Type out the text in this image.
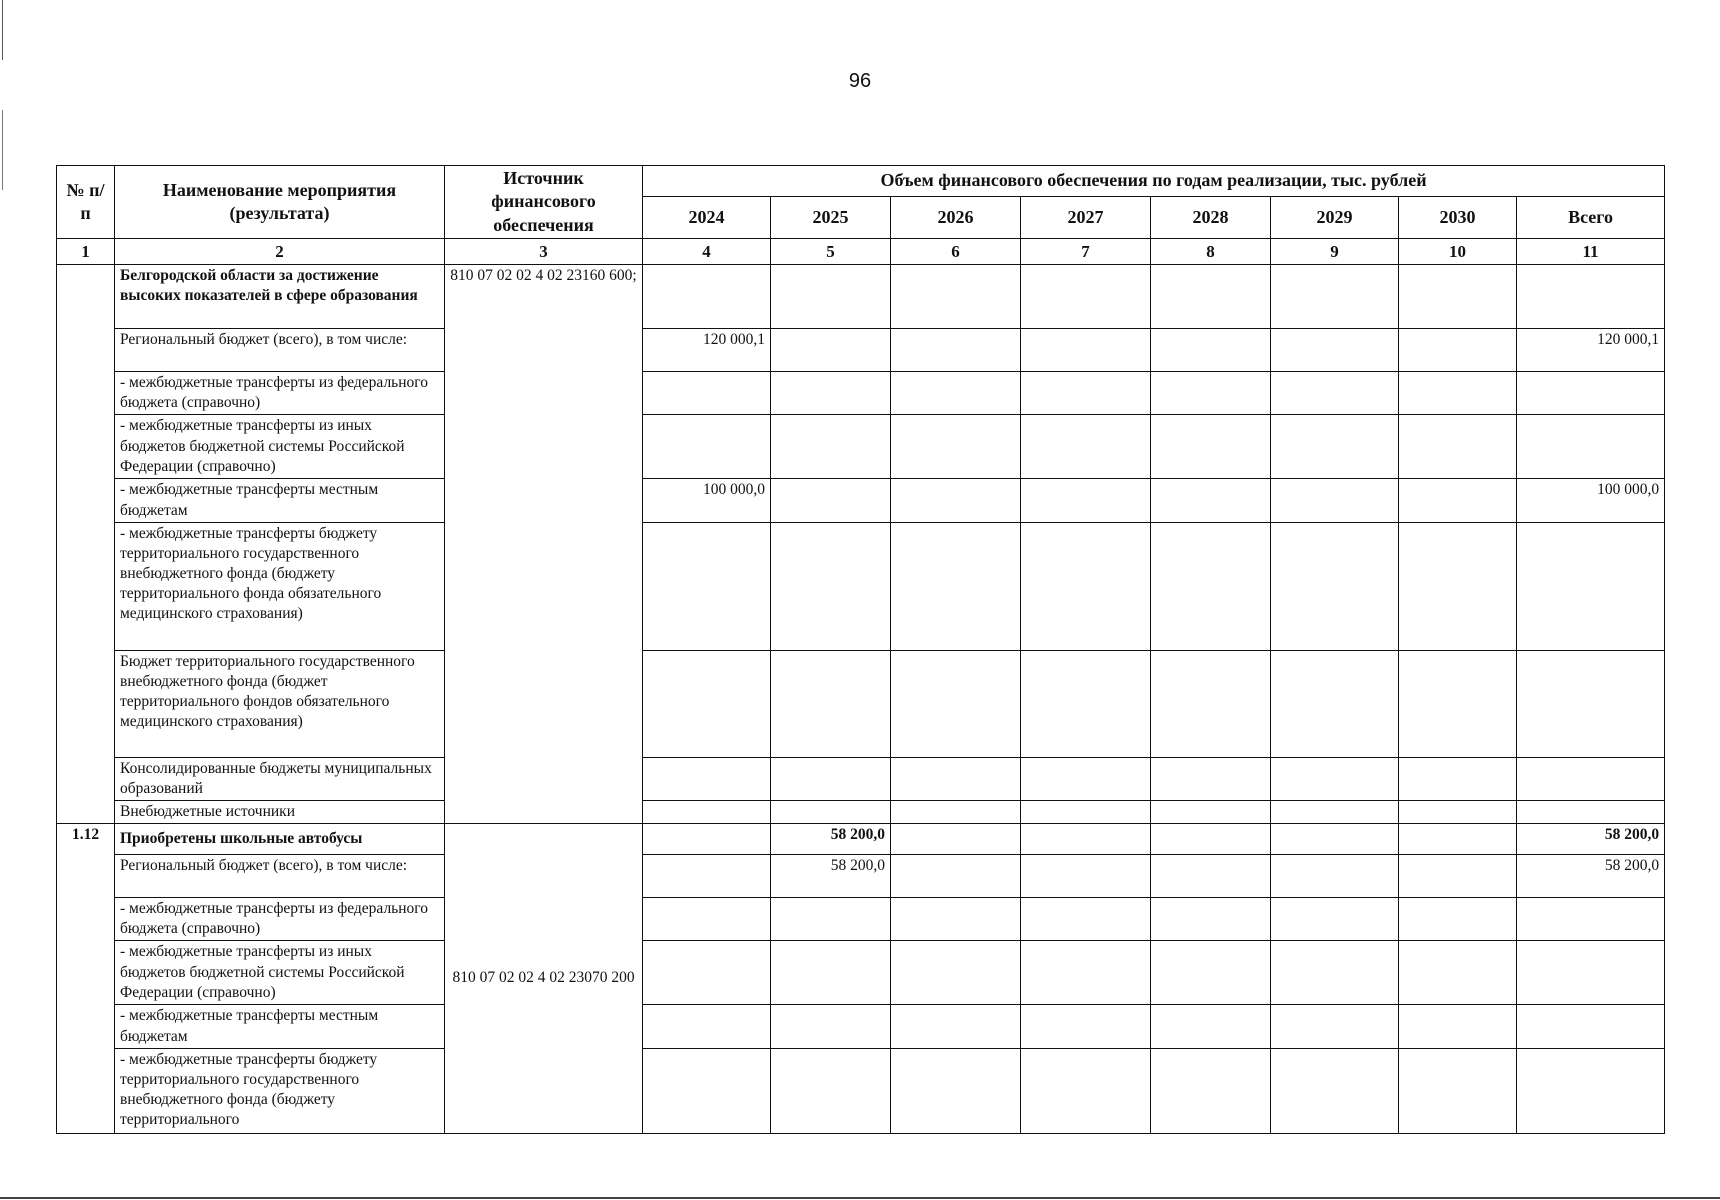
96
№ п/п	Наименование мероприятия (результата)	Источник финансового обеспечения	Объем финансового обеспечения по годам реализации, тыс. рублей							
			2024	2025	2026	2027	2028	2029	2030	Всего
1	2	3	4	5	6	7	8	9	10	11
	Белгородской области за достижение высоких показателей в сфере образования	810 07 02 02 4 02 23160 600;								
	Региональный бюджет (всего), в том числе:		120 000,1							120 000,1
	- межбюджетные трансферты из федерального бюджета (справочно)									
	- межбюджетные трансферты из иных бюджетов бюджетной системы Российской Федерации (справочно)									
	- межбюджетные трансферты местным бюджетам		100 000,0							100 000,0
	- межбюджетные трансферты бюджету территориального государственного внебюджетного фонда (бюджету территориального фонда обязательного медицинского страхования)									
	Бюджет территориального государственного внебюджетного фонда (бюджет территориального фондов обязательного медицинского страхования)									
	Консолидированные бюджеты муниципальных образований									
	Внебюджетные источники									
1.12	Приобретены школьные автобусы	810 07 02 02 4 02 23070 200		58 200,0						58 200,0
	Региональный бюджет (всего), в том числе:			58 200,0						58 200,0
	- межбюджетные трансферты из федерального бюджета (справочно)									
	- межбюджетные трансферты из иных бюджетов бюджетной системы Российской Федерации (справочно)									
	- межбюджетные трансферты местным бюджетам									
	- межбюджетные трансферты бюджету территориального государственного внебюджетного фонда (бюджету территориального									
